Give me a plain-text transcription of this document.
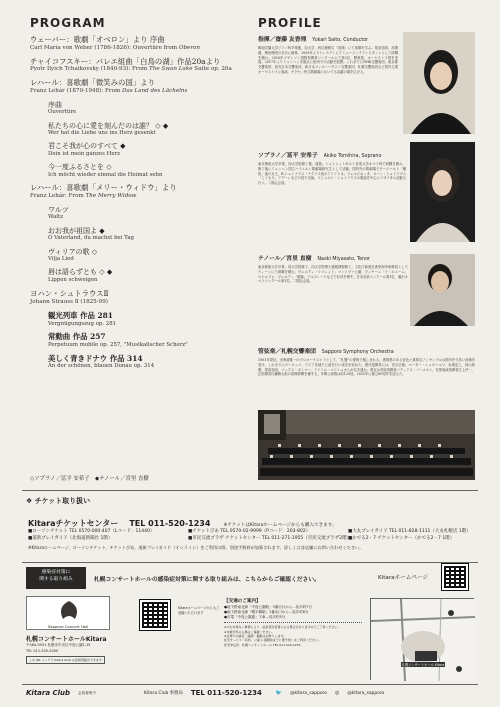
PROGRAM
ウェーバー：歌劇「オベロン」より 序曲
Carl Maria von Weber (1786-1826): Ouvertüre from Oberon
チャイコフスキー：バレエ組曲「白鳥の湖」作品20aより
Pyotr Ilyich Tchaikovsky (1840-93): From The Swan Lake Suite op. 20a
レハール：喜歌劇「微笑みの国」より
Franz Lehár (1870-1948): From Das Land des Lächelns
序曲
Ouvertüre
私たちの心に愛を刻んだのは誰？ ◇ ◆
Wer hat die Liebe uns ins Herz gesenkt
君こそ我が心のすべて ◆
Dein ist mein ganzes Herz
今一度ふるさとを ◇
Ich möcht wieder einmal die Heimat sehn
レハール：喜歌劇「メリー・ウィドウ」より
Franz Lehár: From The Merry Widow
ワルツ
Waltz
おお我が祖国よ ◆
O Vaterland, du machst bei Tag
ヴィリアの歌 ◇
Vilja Lied
唇は語らずとも ◇ ◆
Lippen schweigen
ヨハン・シュトラウスⅡ
Johann Strauss Ⅱ (1825-99)
観光列車 作品 281
Vergnügungszug op. 281
常動曲 作品 257
Perpetuum mobile op. 257, "Musikalischer Scherz"
美しく青きドナウ 作品 314
An der schönen, blauen Donau op. 314
◇ソプラノ／冨平 安希子　◆テノール／宮里 直樹
PROFILE
指揮／齋藤 友香理　 Yukari Saito, Conductor
桐朋学園大学ピアノ科卒業後、同大学、科目履修生「指揮」にて指揮を学ぶ。尾高忠明、高関健、梅田俊明の各氏に師事。2009年よりドレスデンにてミュージックアシスタントとして研鑽を積む。2016年ブザンソン国際指揮者コンクールにて第2位、聴衆賞、オーケストラ賞を受賞。2017年よりミュンヘンを拠点に欧州での活動を展開。これまでにNHK交響楽団、東京都交響楽団、読売日本交響楽団、新日本フィルハーモニー交響楽団、札幌交響楽団など国内主要オーケストラに客演。ザクセン州立歌劇場においても活躍の場を広げる。
ソプラノ／冨平 安希子　 Akiko Tomihira, Soprano
東京藝術大学卒業、同大学院修了後、渡独。シュトゥットガルト音楽大学オペラ科で研鑽を積み、修了後にミュンヘン国立バイエルン歌劇場研究生として活動。国内外の歌劇場でモーツァルト「魔笛」夜の女王、R.シュトラウス「ナクソス島のアリアドネ」ツェルビネッタ、ヨハン・シュトラウス「こうもり」アデーレなどの役で出演。リヒャルト・シュトラウスの歌曲を中心にリサイタル活動も行う。二期会会員。
テノール／宮里 直樹　 Naoki Miyasato, Tenor
東京藝術大学卒業、同大学院修了。同大学院博士後期課程修了。文化庁新進芸術家海外研修員としてウィーンにて研鑽を積む。ヴェルディ「リゴレット」マントヴァ公爵、プッチーニ「ラ・ボエーム」ロドルフォ、ヴェルディ「椿姫」アルフレードなどで好評を博す。日本音楽コンクール第1位、藤沢オペラコンクール第1位。二期会会員。
管弦楽／札幌交響楽団　 Sapporo Symphony Orchestra
1961年発足。北海道唯一のプロオーケストラとして、“札響”の愛称で親しまれる。透明感のある音色と重厚なアンサンブルは国内外で高い評価を受け、これまでにヨーロッパ、アジア各地で公演を行い成功を収めた。歴代指揮者には、荒谷正雄、ペーター・シュヴァルツ、岩城宏之、秋山和慶、尾高忠明、マックス・ポンマー、ラドミル・エリシュカらが名を連ね、現在は首席指揮者マティアス・バーメルト、友情客演指揮者広上淳一、正指揮者川瀬賢太郎の指揮者陣を擁する。年間公演数は約120回。2021年に創立60周年を迎えた。
❖ チケット取り扱い
Kitaraチケットセンター TEL 011-520-1234	※チケットはKitaraホームページからも購入できます。
■ローソンチケット TEL 0570-000-407（Lコード：11440）	■チケットぴあ TEL 0570-02-9999（Pコード：203-802）	■大丸プレイガイド TEL 011-828-1111（大丸札幌店 1階）
■道新プレイガイド（北海道新聞社 1階）	■市民交流プラザ チケットセンター TEL 011-271-1955（市民交流プラザ2階）
■かでる2・7 チケットセンター（かでる2・7 1階）
※Kitaraホームページ、ローソンチケット、チケットぴあ、道新プレイガイド（オンライン）をご利用の際、別途手数料が加算されます。詳しくは各店舗にお問い合わせください。
感染症対策に
関する取り組み	札幌コンサートホールの感染症対策に関する取り組みは、こちらからご確認ください。	Kitaraホームページ
Sapporo Concert Hall
札幌コンサートホールKitara
〒064-0931 札幌市中央区中島公園1-15
TEL 011-520-2000
この QR コードで Kitara Club の会員登録ができます
Kitaraホームページからもご登録いただけます
【交通のご案内】
●地下鉄南北線「中島公園駅」3番出口から…徒歩約7分
●地下鉄南北線「幌平橋駅」1番出口から…徒歩約8分
●市電「中島公園通」下車…徒歩約5分
※やむを得ない事情により、曲目等が変更になる場合がありますのでご了承ください。
※未就学児の入場はご遠慮ください。
※会場での録音・録画・撮影はお断りします。
託児サービス（有料、公演 1 週間前までに要予約）をご利用ください。
託児申込先：札幌コンサートホール TEL 011-520-1234
札幌コンサートホール Kitara
Kitara Club 会員募集中	Kitara Club 事務局 TEL 011-520-1234	🐦 @kitara_sapporo ◎ @kitara_sapporo
